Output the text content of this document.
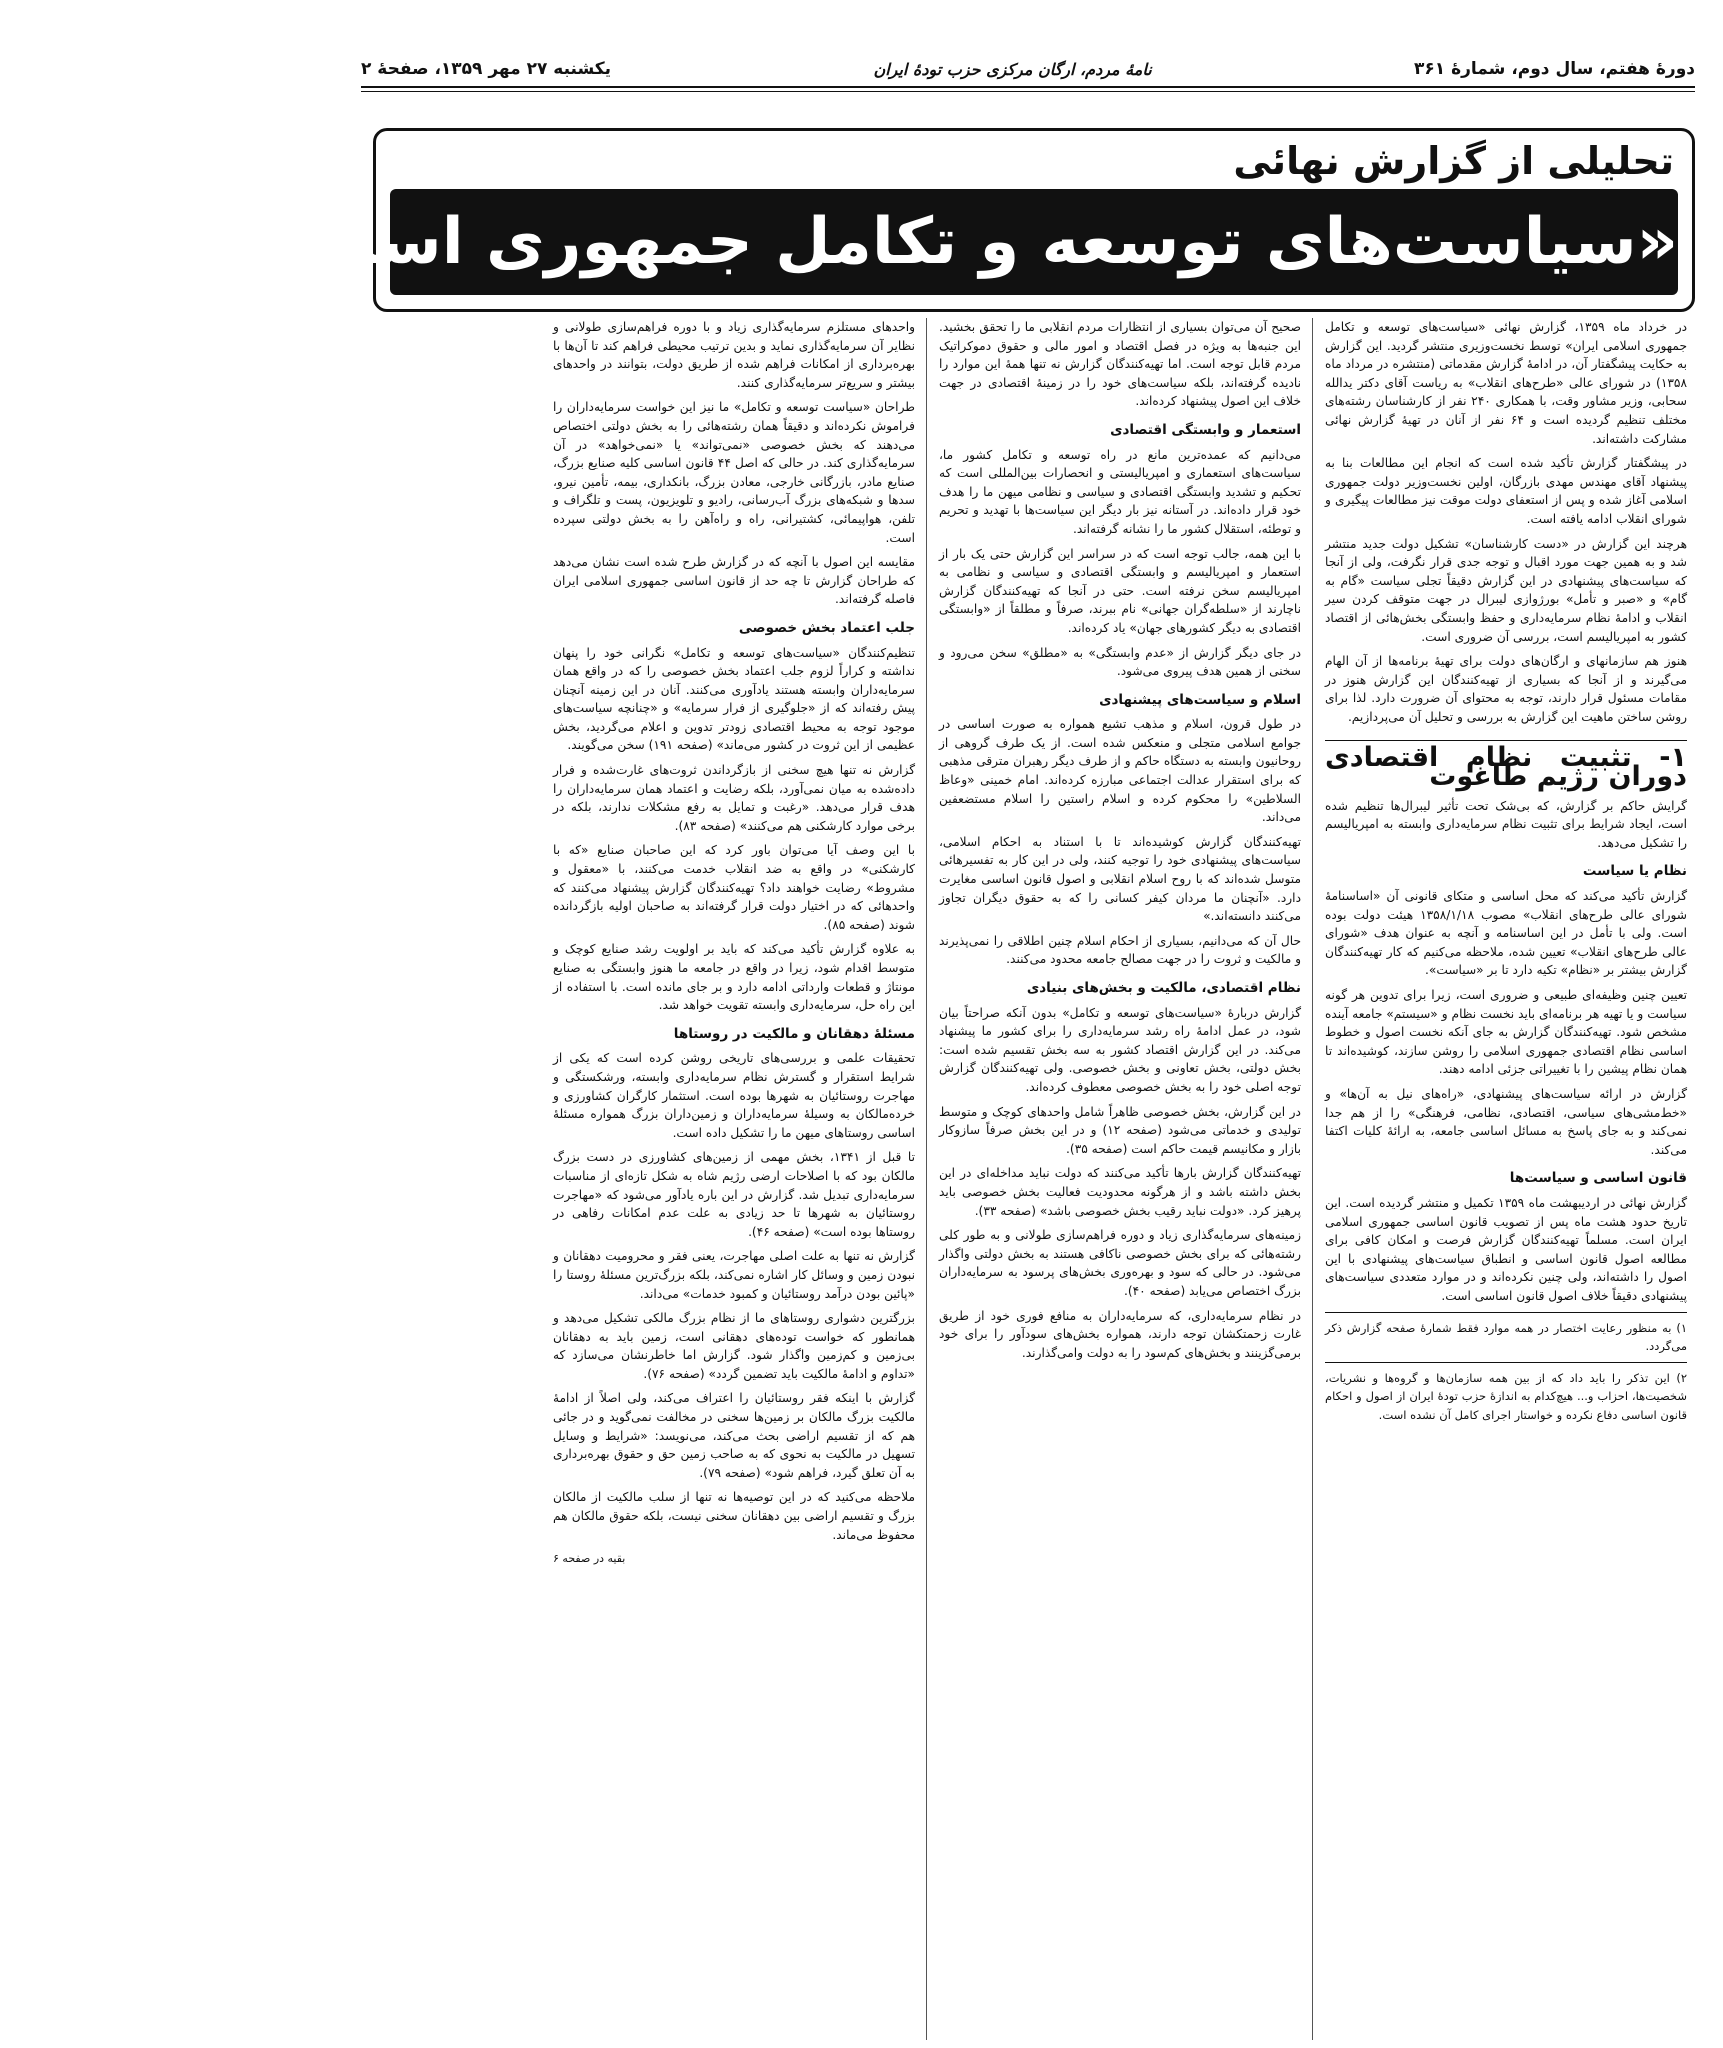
دورهٔ هفتم، سال دوم، شمارهٔ ۳۶۱
نامهٔ مردم، ارگان مرکزی حزب تودهٔ ایران
یکشنبه ۲۷ مهر ۱۳۵۹، صفحهٔ ۲
تحلیلی از گزارش نهائی
«سیاست‌های توسعه و تکامل جمهوری اسلامی ایران»

در خرداد ماه ۱۳۵۹، گزارش نهائی «سیاست‌های توسعه و تکامل جمهوری اسلامی ایران» توسط نخست‌وزیری منتشر گردید. این گزارش به حکایت پیشگفتار آن، در ادامهٔ گزارش مقدماتی (منتشره در مرداد ماه ۱۳۵۸) در شورای عالی «طرح‌های انقلاب» به ریاست آقای دکتر یدالله سحابی، وزیر مشاور وقت، با همکاری ۲۴۰ نفر از کارشناسان رشته‌های مختلف تنظیم گردیده است و ۶۴ نفر از آنان در تهیهٔ گزارش نهائی مشارکت داشته‌اند.

در پیشگفتار گزارش تأکید شده است که انجام این مطالعات بنا به پیشنهاد آقای مهندس مهدی بازرگان، اولین نخست‌وزیر دولت جمهوری اسلامی آغاز شده و پس از استعفای دولت موقت نیز مطالعات پیگیری و شورای انقلاب ادامه یافته است.

هرچند این گزارش در «دست کارشناسان» تشکیل دولت جدید منتشر شد و به همین جهت مورد اقبال و توجه جدی قرار نگرفت، ولی از آنجا که سیاست‌های پیشنهادی در این گزارش دقیقاً تجلی سیاست «گام به گام» و «صبر و تأمل» بورژوازی لیبرال در جهت متوقف کردن سیر انقلاب و ادامهٔ نظام سرمایه‌داری و حفظ وابستگی بخش‌هائی از اقتصاد کشور به امپریالیسم است، بررسی آن ضروری است.

هنوز هم سازمانهای و ارگان‌های دولت برای تهیهٔ برنامه‌ها از آن الهام می‌گیرند و از آنجا که بسیاری از تهیه‌کنندگان این گزارش هنوز در مقامات مسئول قرار دارند، توجه به محتوای آن ضرورت دارد. لذا برای روشن ساختن ماهیت این گزارش به بررسی و تحلیل آن می‌پردازیم.

۱- تثبیت نظام اقتصادی دوران رژیم طاغوت

گرایش حاکم بر گزارش، که بی‌شک تحت تأثیر لیبرال‌ها تنظیم شده است، ایجاد شرایط برای تثبیت نظام سرمایه‌داری وابسته به امپریالیسم را تشکیل می‌دهد.

نظام یا سیاست

گزارش تأکید می‌کند که محل اساسی و متکای قانونی آن «اساسنامهٔ شورای عالی طرح‌های انقلاب» مصوب ۱۳۵۸/۱/۱۸ هیئت دولت بوده است. ولی با تأمل در این اساسنامه و آنچه به عنوان هدف «شورای عالی طرح‌های انقلاب» تعیین شده، ملاحظه می‌کنیم که کار تهیه‌کنندگان گزارش بیشتر بر «نظام» تکیه دارد تا بر «سیاست».

تعیین چنین وظیفه‌ای طبیعی و ضروری است، زیرا برای تدوین هر گونه سیاست و یا تهیه هر برنامه‌ای باید نخست نظام و «سیستم» جامعه آینده مشخص شود. تهیه‌کنندگان گزارش به جای آنکه نخست اصول و خطوط اساسی نظام اقتصادی جمهوری اسلامی را روشن سازند، کوشیده‌اند تا همان نظام پیشین را با تغییراتی جزئی ادامه دهند.

گزارش در ارائه سیاست‌های پیشنهادی، «راه‌های نیل به آن‌ها» و «خط‌مشی‌های سیاسی، اقتصادی، نظامی، فرهنگی» را از هم جدا نمی‌کند و به جای پاسخ به مسائل اساسی جامعه، به ارائهٔ کلیات اکتفا می‌کند.

قانون اساسی و سیاست‌ها

گزارش نهائی در اردیبهشت ماه ۱۳۵۹ تکمیل و منتشر گردیده است. این تاریخ حدود هشت ماه پس از تصویب قانون اساسی جمهوری اسلامی ایران است. مسلماً تهیه‌کنندگان گزارش فرصت و امکان کافی برای مطالعه اصول قانون اساسی و انطباق سیاست‌های پیشنهادی با این اصول را داشته‌اند، ولی چنین نکرده‌اند و در موارد متعددی سیاست‌های پیشنهادی دقیقاً خلاف اصول قانون اساسی است.

۱) به منظور رعایت اختصار در همه موارد فقط شمارهٔ صفحه گزارش ذکر می‌گردد.

۲) این تذکر را باید داد که از بین همه سازمان‌ها و گروه‌ها و نشریات، شخصیت‌ها، احزاب و... هیچ‌کدام به اندازهٔ حزب تودهٔ ایران از اصول و احکام قانون اساسی دفاع نکرده و خواستار اجرای کامل آن نشده است.

صحیح آن می‌توان بسیاری از انتظارات مردم انقلابی ما را تحقق بخشید. این جنبه‌ها به ویژه در فصل اقتصاد و امور مالی و حقوق دموکراتیک مردم قابل توجه است. اما تهیه‌کنندگان گزارش نه تنها همهٔ این موارد را نادیده گرفته‌اند، بلکه سیاست‌های خود را در زمینهٔ اقتصادی در جهت خلاف این اصول پیشنهاد کرده‌اند.

استعمار و وابستگی اقتصادی

می‌دانیم که عمده‌ترین مانع در راه توسعه و تکامل کشور ما، سیاست‌های استعماری و امپریالیستی و انحصارات بین‌المللی است که تحکیم و تشدید وابستگی اقتصادی و سیاسی و نظامی میهن ما را هدف خود قرار داده‌اند. در آستانه نیز بار دیگر این سیاست‌ها با تهدید و تحریم و توطئه، استقلال کشور ما را نشانه گرفته‌اند.

با این همه، جالب توجه است که در سراسر این گزارش حتی یک بار از استعمار و امپریالیسم و وابستگی اقتصادی و سیاسی و نظامی به امپریالیسم سخن نرفته است. حتی در آنجا که تهیه‌کنندگان گزارش ناچارند از «سلطه‌گران جهانی» نام ببرند، صرفاً و مطلقاً از «وابستگی اقتصادی به دیگر کشورهای جهان» یاد کرده‌اند.

در جای دیگر گزارش از «عدم وابستگی» به «مطلق» سخن می‌رود و سخنی از همین هدف پیروی می‌شود.

اسلام و سیاست‌های پیشنهادی

در طول قرون، اسلام و مذهب تشیع همواره به صورت اساسی در جوامع اسلامی متجلی و منعکس شده است. از یک طرف گروهی از روحانیون وابسته به دستگاه حاکم و از طرف دیگر رهبران مترقی مذهبی که برای استقرار عدالت اجتماعی مبارزه کرده‌اند. امام خمینی «وعاظ السلاطین» را محکوم کرده و اسلام راستین را اسلام مستضعفین می‌داند.

تهیه‌کنندگان گزارش کوشیده‌اند تا با استناد به احکام اسلامی، سیاست‌های پیشنهادی خود را توجیه کنند، ولی در این کار به تفسیرهائی متوسل شده‌اند که با روح اسلام انقلابی و اصول قانون اساسی مغایرت دارد. «آنچنان ما مردان کیفر کسانی را که به حقوق دیگران تجاوز می‌کنند دانسته‌اند.»

حال آن که می‌دانیم، بسیاری از احکام اسلام چنین اطلاقی را نمی‌پذیرند و مالکیت و ثروت را در جهت مصالح جامعه محدود می‌کنند.

نظام اقتصادی، مالکیت و بخش‌های بنیادی

گزارش دربارهٔ «سیاست‌های توسعه و تکامل» بدون آنکه صراحتاً بیان شود، در عمل ادامهٔ راه رشد سرمایه‌داری را برای کشور ما پیشنهاد می‌کند. در این گزارش اقتصاد کشور به سه بخش تقسیم شده است: بخش دولتی، بخش تعاونی و بخش خصوصی. ولی تهیه‌کنندگان گزارش توجه اصلی خود را به بخش خصوصی معطوف کرده‌اند.

در این گزارش، بخش خصوصی ظاهراً شامل واحدهای کوچک و متوسط تولیدی و خدماتی می‌شود (صفحه ۱۲) و در این بخش صرفاً سازوکار بازار و مکانیسم قیمت حاکم است (صفحه ۳۵).

تهیه‌کنندگان گزارش بارها تأکید می‌کنند که دولت نباید مداخله‌ای در این بخش داشته باشد و از هرگونه محدودیت فعالیت بخش خصوصی باید پرهیز کرد. «دولت نباید رقیب بخش خصوصی باشد» (صفحه ۳۳).

زمینه‌های سرمایه‌گذاری زیاد و دوره فراهم‌سازی طولانی و به طور کلی رشته‌هائی که برای بخش خصوصی ناکافی هستند به بخش دولتی واگذار می‌شود. در حالی که سود و بهره‌وری بخش‌های پرسود به سرمایه‌داران بزرگ اختصاص می‌یابد (صفحه ۴۰).

در نظام سرمایه‌داری، که سرمایه‌داران به منافع فوری خود از طریق غارت زحمتکشان توجه دارند، همواره بخش‌های سودآور را برای خود برمی‌گزینند و بخش‌های کم‌سود را به دولت وامی‌گذارند.

واحدهای مستلزم سرمایه‌گذاری زیاد و با دوره فراهم‌سازی طولانی و نظایر آن سرمایه‌گذاری نماید و بدین ترتیب محیطی فراهم کند تا آن‌ها با بهره‌برداری از امکانات فراهم شده از طریق دولت، بتوانند در واحدهای بیشتر و سریع‌تر سرمایه‌گذاری کنند.

طراحان «سیاست توسعه و تکامل» ما نیز این خواست سرمایه‌داران را فراموش نکرده‌اند و دقیقاً همان رشته‌هائی را به بخش دولتی اختصاص می‌دهند که بخش خصوصی «نمی‌تواند» یا «نمی‌خواهد» در آن سرمایه‌گذاری کند. در حالی که اصل ۴۴ قانون اساسی کلیه صنایع بزرگ، صنایع مادر، بازرگانی خارجی، معادن بزرگ، بانکداری، بیمه، تأمین نیرو، سدها و شبکه‌های بزرگ آب‌رسانی، رادیو و تلویزیون، پست و تلگراف و تلفن، هواپیمائی، کشتیرانی، راه و راه‌آهن را به بخش دولتی سپرده است.

مقایسه این اصول با آنچه که در گزارش طرح شده است نشان می‌دهد که طراحان گزارش تا چه حد از قانون اساسی جمهوری اسلامی ایران فاصله گرفته‌اند.

جلب اعتماد بخش خصوصی

تنظیم‌کنندگان «سیاست‌های توسعه و تکامل» نگرانی خود را پنهان نداشته و کراراً لزوم جلب اعتماد بخش خصوصی را که در واقع همان سرمایه‌داران وابسته هستند یادآوری می‌کنند. آنان در این زمینه آنچنان پیش رفته‌اند که از «جلوگیری از فرار سرمایه» و «چنانچه سیاست‌های موجود توجه به محیط اقتصادی زودتر تدوین و اعلام می‌گردید، بخش عظیمی از این ثروت در کشور می‌ماند» (صفحه ۱۹۱) سخن می‌گویند.

گزارش نه تنها هیچ سخنی از بازگرداندن ثروت‌های غارت‌شده و فرار داده‌شده به میان نمی‌آورد، بلکه رضایت و اعتماد همان سرمایه‌داران را هدف قرار می‌دهد. «رغبت و تمایل به رفع مشکلات ندارند، بلکه در برخی موارد کارشکنی هم می‌کنند» (صفحه ۸۳).

با این وصف آیا می‌توان باور کرد که این صاحبان صنایع «که با کارشکنی» در واقع به ضد انقلاب خدمت می‌کنند، با «معقول و مشروط» رضایت خواهند داد؟ تهیه‌کنندگان گزارش پیشنهاد می‌کنند که واحدهائی که در اختیار دولت قرار گرفته‌اند به صاحبان اولیه بازگردانده شوند (صفحه ۸۵).

به علاوه گزارش تأکید می‌کند که باید بر اولویت رشد صنایع کوچک و متوسط اقدام شود، زیرا در واقع در جامعه ما هنوز وابستگی به صنایع مونتاژ و قطعات وارداتی ادامه دارد و بر جای مانده است. با استفاده از این راه حل، سرمایه‌داری وابسته تقویت خواهد شد.

مسئلهٔ دهقانان و مالکیت در روستاها

تحقیقات علمی و بررسی‌های تاریخی روشن کرده است که یکی از شرایط استقرار و گسترش نظام سرمایه‌داری وابسته، ورشکستگی و مهاجرت روستائیان به شهرها بوده است. استثمار کارگران کشاورزی و خرده‌مالکان به وسیلهٔ سرمایه‌داران و زمین‌داران بزرگ همواره مسئلهٔ اساسی روستاهای میهن ما را تشکیل داده است.

تا قبل از ۱۳۴۱، بخش مهمی از زمین‌های کشاورزی در دست بزرگ مالکان بود که با اصلاحات ارضی رژیم شاه به شکل تازه‌ای از مناسبات سرمایه‌داری تبدیل شد. گزارش در این باره یادآور می‌شود که «مهاجرت روستائیان به شهرها تا حد زیادی به علت عدم امکانات رفاهی در روستاها بوده است» (صفحه ۴۶).

گزارش نه تنها به علت اصلی مهاجرت، یعنی فقر و محرومیت دهقانان و نبودن زمین و وسائل کار اشاره نمی‌کند، بلکه بزرگ‌ترین مسئلهٔ روستا را «پائین بودن درآمد روستائیان و کمبود خدمات» می‌داند.

بزرگترین دشواری روستاهای ما از نظام بزرگ مالکی تشکیل می‌دهد و همانطور که خواست توده‌های دهقانی است، زمین باید به دهقانان بی‌زمین و کم‌زمین واگذار شود. گزارش اما خاطرنشان می‌سازد که «تداوم و ادامهٔ مالکیت باید تضمین گردد» (صفحه ۷۶).

گزارش با اینکه فقر روستائیان را اعتراف می‌کند، ولی اصلاً از ادامهٔ مالکیت بزرگ مالکان بر زمین‌ها سخنی در مخالفت نمی‌گوید و در جائی هم که از تقسیم اراضی بحث می‌کند، می‌نویسد: «شرایط و وسایل تسهیل در مالکیت به نحوی که به صاحب زمین حق و حقوق بهره‌برداری به آن تعلق گیرد، فراهم شود» (صفحه ۷۹).

ملاحظه می‌کنید که در این توصیه‌ها نه تنها از سلب مالکیت از مالکان بزرگ و تقسیم اراضی بین دهقانان سخنی نیست، بلکه حقوق مالکان هم محفوظ می‌ماند.

بقیه در صفحه ۶
